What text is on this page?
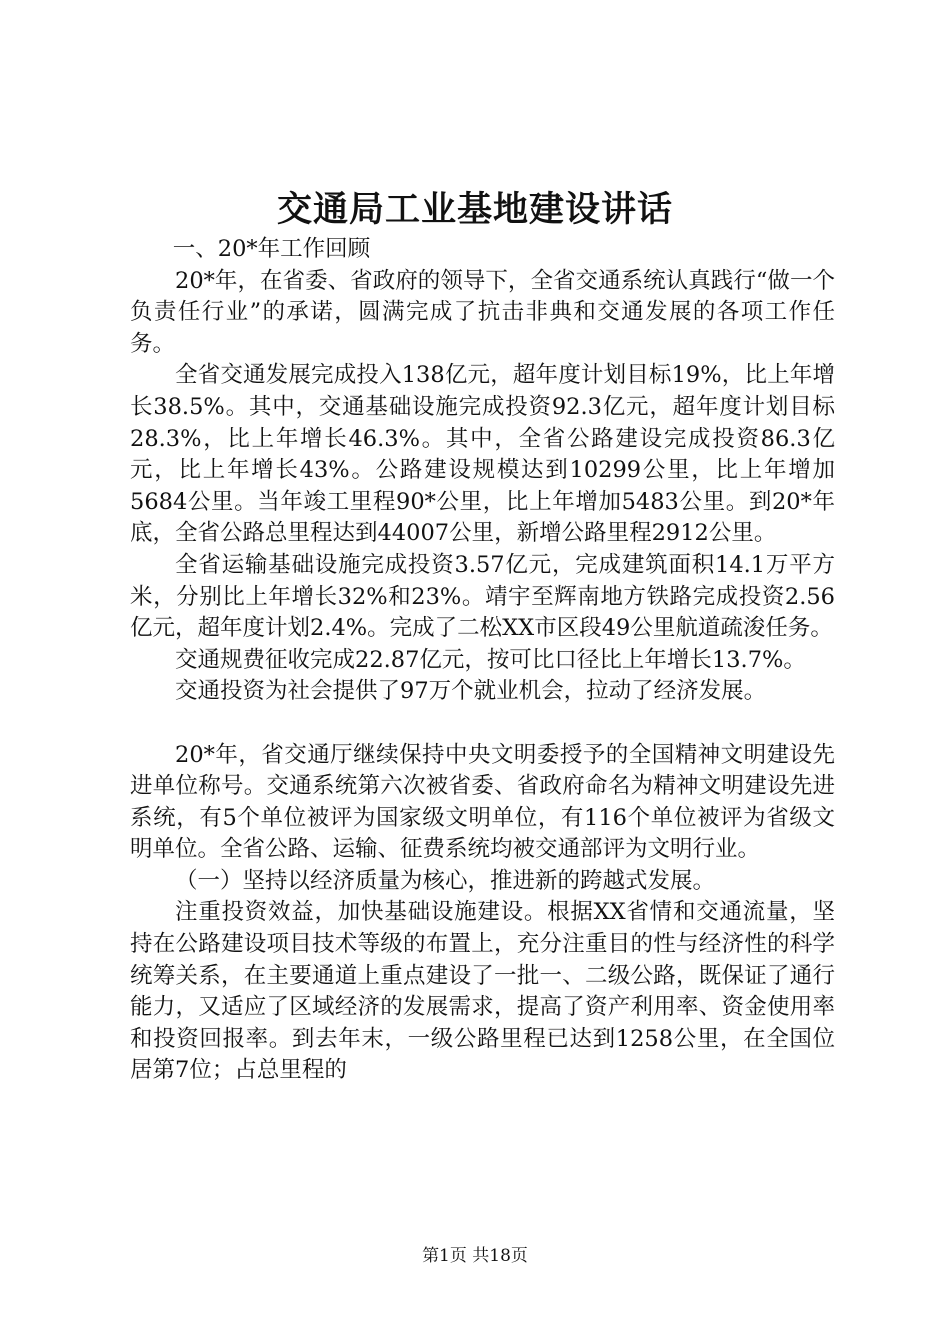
交通局工业基地建设讲话

一、20*年工作回顾

20*年，在省委、省政府的领导下，全省交通系统认真践行“做一个负责任行业”的承诺，圆满完成了抗击非典和交通发展的各项工作任务。

全省交通发展完成投入138亿元，超年度计划目标19%，比上年增长38.5%。其中，交通基础设施完成投资92.3亿元，超年度计划目标28.3%，比上年增长46.3%。其中，全省公路建设完成投资86.3亿元，比上年增长43%。公路建设规模达到10299公里，比上年增加5684公里。当年竣工里程90*公里，比上年增加5483公里。到20*年底，全省公路总里程达到44007公里，新增公路里程2912公里。

全省运输基础设施完成投资3.57亿元，完成建筑面积14.1万平方米，分别比上年增长32%和23%。靖宇至辉南地方铁路完成投资2.56亿元，超年度计划2.4%。完成了二松XX市区段49公里航道疏浚任务。

交通规费征收完成22.87亿元，按可比口径比上年增长13.7%。

交通投资为社会提供了97万个就业机会，拉动了经济发展。

20*年，省交通厅继续保持中央文明委授予的全国精神文明建设先进单位称号。交通系统第六次被省委、省政府命名为精神文明建设先进系统，有5个单位被评为国家级文明单位，有116个单位被评为省级文明单位。全省公路、运输、征费系统均被交通部评为文明行业。

（一）坚持以经济质量为核心，推进新的跨越式发展。

注重投资效益，加快基础设施建设。根据XX省情和交通流量，坚持在公路建设项目技术等级的布置上，充分注重目的性与经济性的科学统筹关系，在主要通道上重点建设了一批一、二级公路，既保证了通行能力，又适应了区域经济的发展需求，提高了资产利用率、资金使用率和投资回报率。到去年末，一级公路里程已达到1258公里，在全国位居第7位；占总里程的

第1页 共18页
